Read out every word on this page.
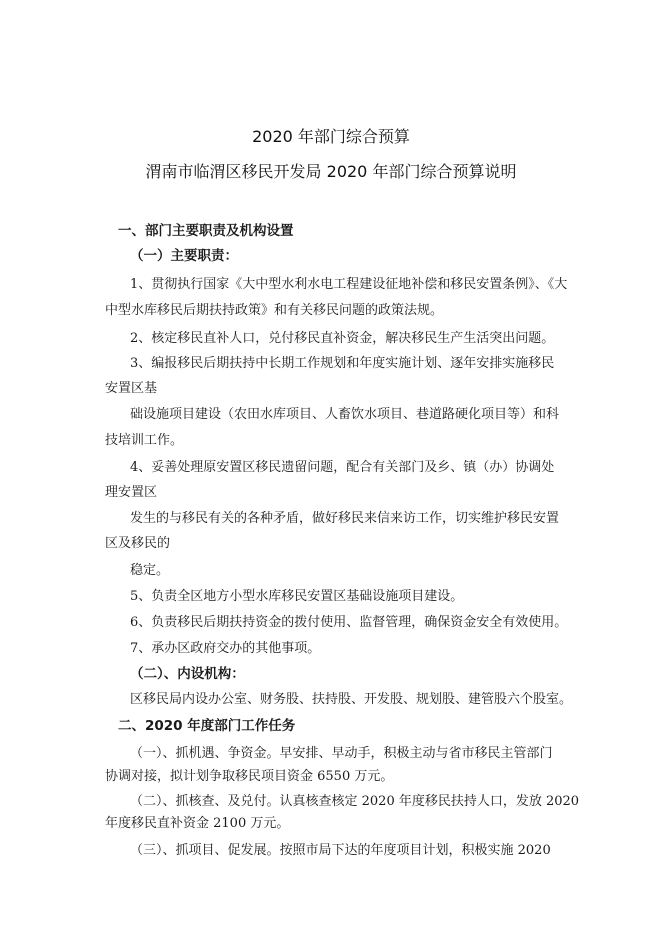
2020 年部门综合预算
渭南市临渭区移民开发局 2020 年部门综合预算说明
一、部门主要职责及机构设置
（一）主要职责：
1、贯彻执行国家《大中型水利水电工程建设征地补偿和移民安置条例》、《大
中型水库移民后期扶持政策》和有关移民问题的政策法规。
2、核定移民直补人口，兑付移民直补资金，解决移民生产生活突出问题。
3、编报移民后期扶持中长期工作规划和年度实施计划、逐年安排实施移民
安置区基
础设施项目建设（农田水库项目、人畜饮水项目、巷道路硬化项目等）和科
技培训工作。
4、妥善处理原安置区移民遗留问题，配合有关部门及乡、镇（办）协调处
理安置区
发生的与移民有关的各种矛盾，做好移民来信来访工作，切实维护移民安置
区及移民的
稳定。
5、负责全区地方小型水库移民安置区基础设施项目建设。
6、负责移民后期扶持资金的拨付使用、监督管理，确保资金安全有效使用。
7、承办区政府交办的其他事项。
（二）、内设机构：
区移民局内设办公室、财务股、扶持股、开发股、规划股、建管股六个股室。
二、2020 年度部门工作任务
（一）、抓机遇、争资金。早安排、早动手，积极主动与省市移民主管部门
协调对接，拟计划争取移民项目资金 6550 万元。
（二）、抓核查、及兑付。认真核查核定 2020 年度移民扶持人口，发放 2020
年度移民直补资金 2100 万元。
（三）、抓项目、促发展。按照市局下达的年度项目计划，积极实施 2020
